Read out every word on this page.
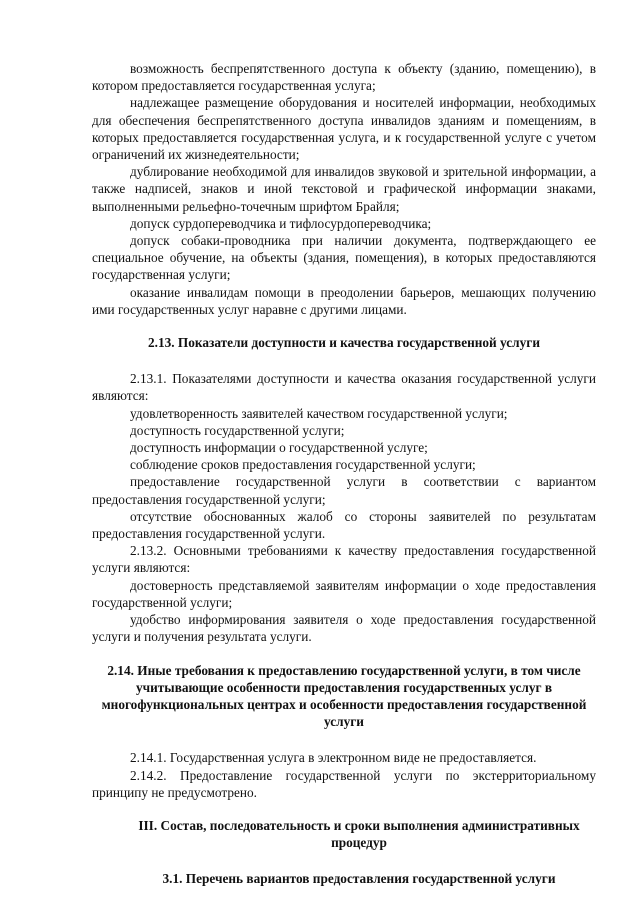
возможность беспрепятственного доступа к объекту (зданию, помещению), в котором предоставляется государственная услуга;

надлежащее размещение оборудования и носителей информации, необходимых для обеспечения беспрепятственного доступа инвалидов зданиям и помещениям, в которых предоставляется государственная услуга, и к государственной услуге с учетом ограничений их жизнедеятельности;

дублирование необходимой для инвалидов звуковой и зрительной информации, а также надписей, знаков и иной текстовой и графической информации знаками, выполненными рельефно-точечным шрифтом Брайля;

допуск сурдопереводчика и тифлосурдопереводчика;

допуск собаки-проводника при наличии документа, подтверждающего ее специальное обучение, на объекты (здания, помещения), в которых предоставляются государственная услуги;

оказание инвалидам помощи в преодолении барьеров, мешающих получению ими государственных услуг наравне с другими лицами.

2.13. Показатели доступности и качества государственной услуги

2.13.1. Показателями доступности и качества оказания государственной услуги являются:

удовлетворенность заявителей качеством государственной услуги;

доступность государственной услуги;

доступность информации о государственной услуге;

соблюдение сроков предоставления государственной услуги;

предоставление государственной услуги в соответствии с вариантом предоставления государственной услуги;

отсутствие обоснованных жалоб со стороны заявителей по результатам предоставления государственной услуги.

2.13.2. Основными требованиями к качеству предоставления государственной услуги являются:

достоверность представляемой заявителям информации о ходе предоставления государственной услуги;

удобство информирования заявителя о ходе предоставления государственной услуги и получения результата услуги.

2.14. Иные требования к предоставлению государственной услуги, в том числе учитывающие особенности предоставления государственных услуг в многофункциональных центрах и особенности предоставления государственной услуги

2.14.1. Государственная услуга в электронном виде не предоставляется.

2.14.2. Предоставление государственной услуги по экстерриториальному принципу не предусмотрено.

III. Состав, последовательность и сроки выполнения административных процедур

3.1. Перечень вариантов предоставления государственной услуги
